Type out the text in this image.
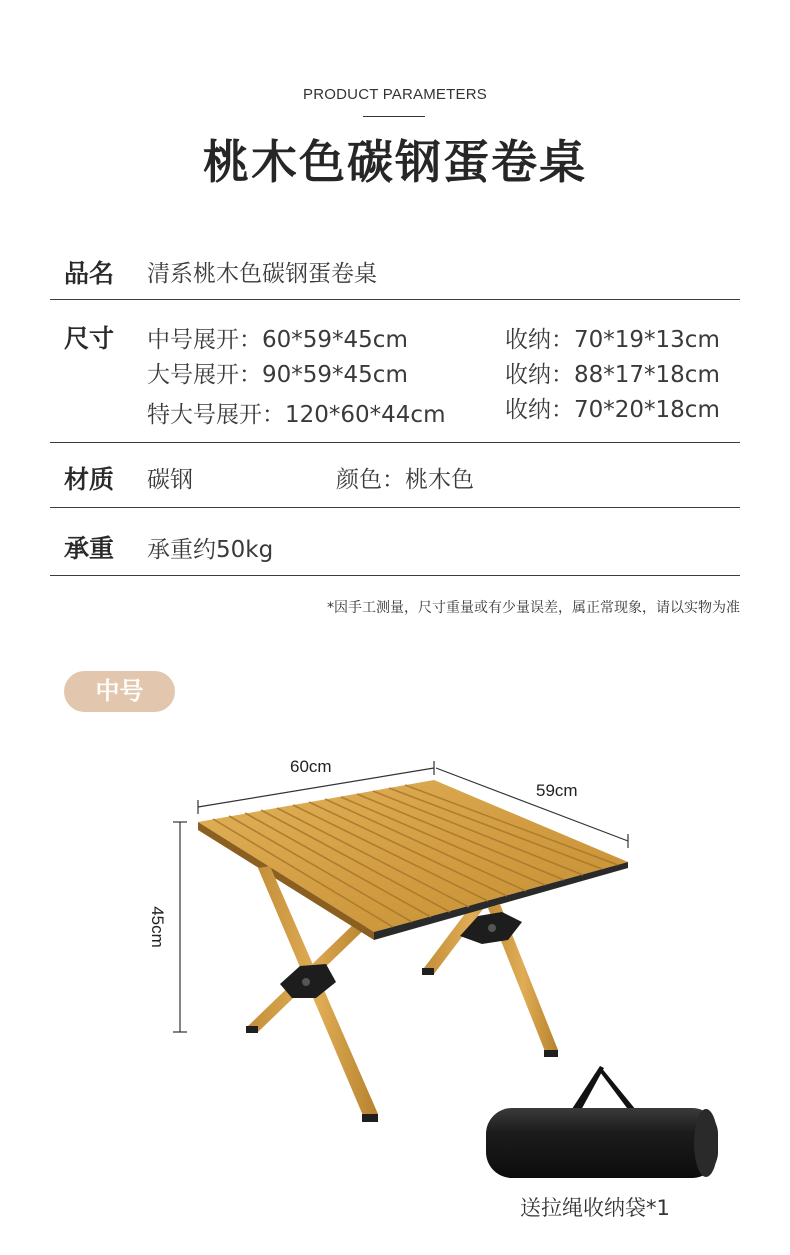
PRODUCT PARAMETERS
桃木色碳钢蛋卷桌
品名 清系桃木色碳钢蛋卷桌
尺寸 中号展开：60*59*45cm	收纳：70*19*13cm
大号展开：90*59*45cm	收纳：88*17*18cm
特大号展开：120*60*44cm	收纳：70*20*18cm
材质 碳钢	颜色：桃木色
承重 承重约50kg
*因手工测量，尺寸重量或有少量误差，属正常现象，请以实物为准
中号
60cm
59cm
45cm
送拉绳收纳袋*1
